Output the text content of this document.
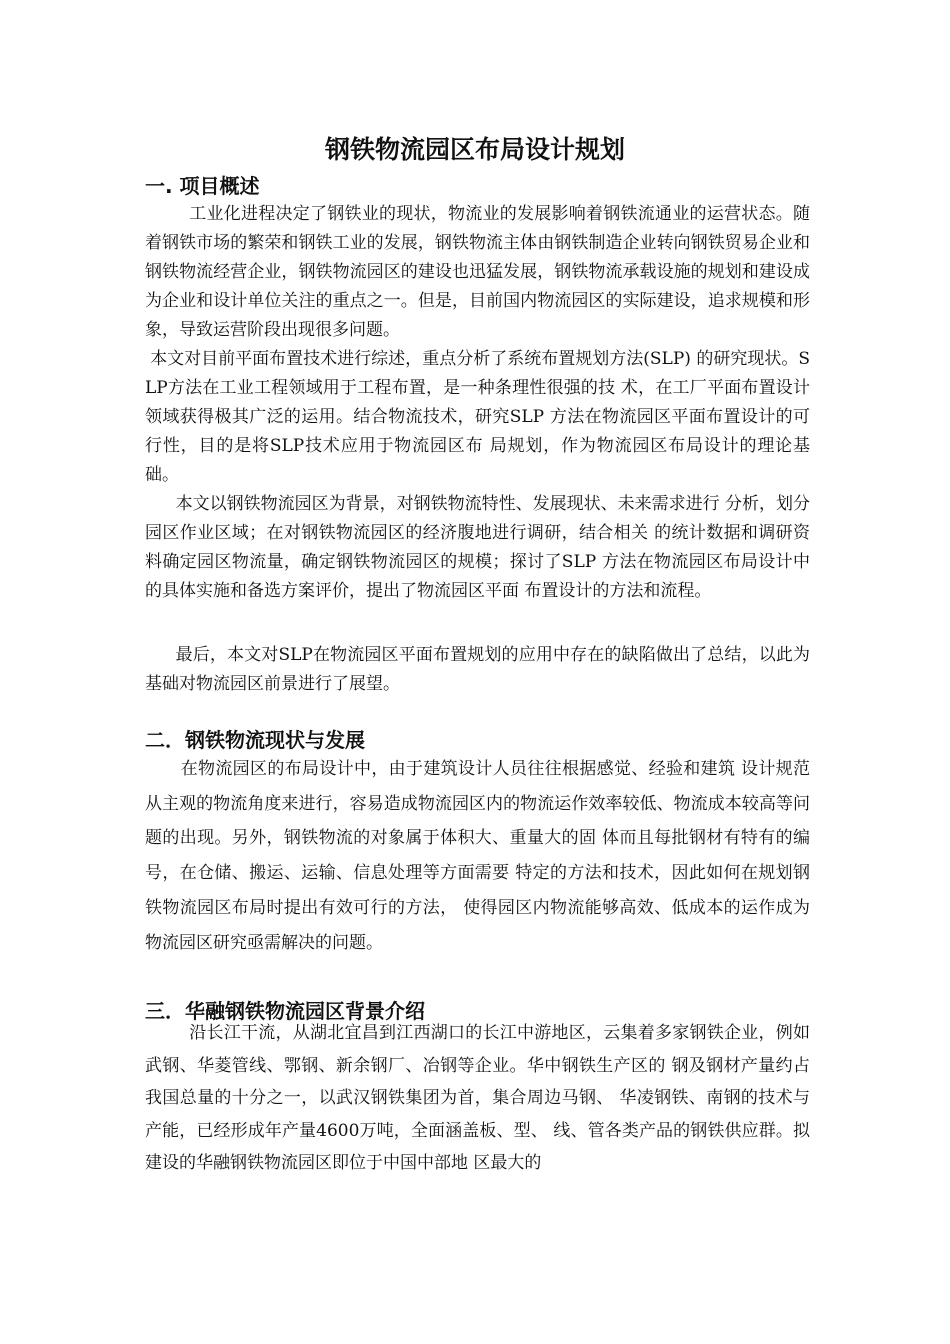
钢铁物流园区布局设计规划
一. 项目概述

工业化进程决定了钢铁业的现状，物流业的发展影响着钢铁流通业的运营状态。随着钢铁市场的繁荣和钢铁工业的发展，钢铁物流主体由钢铁制造企业转向钢铁贸易企业和钢铁物流经营企业，钢铁物流园区的建设也迅猛发展，钢铁物流承载设施的规划和建设成为企业和设计单位关注的重点之一。但是，目前国内物流园区的实际建设，追求规模和形象，导致运营阶段出现很多问题。

本文对目前平面布置技术进行综述，重点分析了系统布置规划方法(SLP) 的研究现状。SLP方法在工业工程领域用于工程布置，是一种条理性很强的技 术，在工厂平面布置设计领域获得极其广泛的运用。结合物流技术，研究SLP 方法在物流园区平面布置设计的可行性，目的是将SLP技术应用于物流园区布 局规划，作为物流园区布局设计的理论基础。

本文以钢铁物流园区为背景，对钢铁物流特性、发展现状、未来需求进行 分析，划分园区作业区域；在对钢铁物流园区的经济腹地进行调研，结合相关 的统计数据和调研资料确定园区物流量，确定钢铁物流园区的规模；探讨了SLP 方法在物流园区布局设计中的具体实施和备选方案评价，提出了物流园区平面 布置设计的方法和流程。

最后，本文对SLP在物流园区平面布置规划的应用中存在的缺陷做出了总结，以此为基础对物流园区前景进行了展望。

二．钢铁物流现状与发展

在物流园区的布局设计中，由于建筑设计人员往往根据感觉、经验和建筑 设计规范从主观的物流角度来进行，容易造成物流园区内的物流运作效率较低、物流成本较高等问题的出现。另外，钢铁物流的对象属于体积大、重量大的固 体而且每批钢材有特有的编号，在仓储、搬运、运输、信息处理等方面需要 特定的方法和技术，因此如何在规划钢铁物流园区布局时提出有效可行的方法， 使得园区内物流能够高效、低成本的运作成为物流园区研究亟需解决的问题。

三．华融钢铁物流园区背景介绍

沿长江干流，从湖北宜昌到江西湖口的长江中游地区，云集着多家钢铁企业，例如武钢、华菱管线、鄂钢、新余钢厂、冶钢等企业。华中钢铁生产区的 钢及钢材产量约占我国总量的十分之一，以武汉钢铁集团为首，集合周边马钢、 华凌钢铁、南钢的技术与产能，已经形成年产量4600万吨，全面涵盖板、型、 线、管各类产品的钢铁供应群。拟建设的华融钢铁物流园区即位于中国中部地 区最大的
